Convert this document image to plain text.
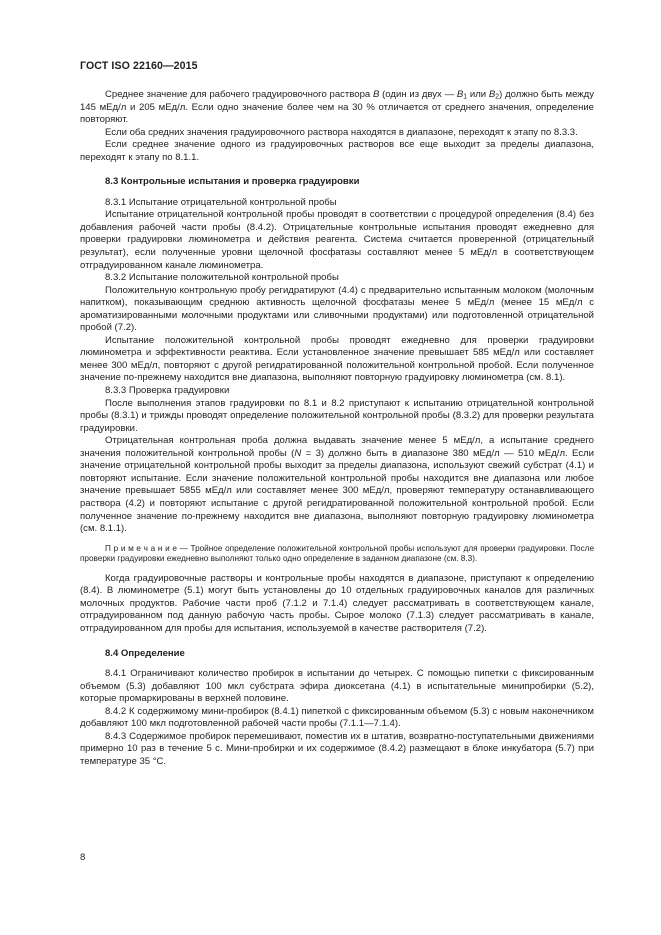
ГОСТ ISO 22160—2015

Среднее значение для рабочего градуировочного раствора B (один из двух — $B_1$ или $B_2$) должно быть между 145 мЕд/л и 205 мЕд/л. Если одно значение более чем на 30 % отличается от среднего значения, определение повторяют.

Если оба средних значения градуировочного раствора находятся в диапазоне, переходят к этапу по 8.3.3.

Если среднее значение одного из градуировочных растворов все еще выходит за пределы диапазона, переходят к этапу по 8.1.1.

8.3 Контрольные испытания и проверка градуировки

8.3.1 Испытание отрицательной контрольной пробы

Испытание отрицательной контрольной пробы проводят в соответствии с процедурой определения (8.4) без добавления рабочей части пробы (8.4.2). Отрицательные контрольные испытания проводят ежедневно для проверки градуировки люминометра и действия реагента. Система считается проверенной (отрицательный результат), если полученные уровни щелочной фосфатазы составляют менее 5 мЕд/л в соответствующем отградуированном канале люминометра.

8.3.2 Испытание положительной контрольной пробы

Положительную контрольную пробу регидратируют (4.4) с предварительно испытанным молоком (молочным напитком), показывающим среднюю активность щелочной фосфатазы менее 5 мЕд/л (менее 15 мЕд/л с ароматизированными молочными продуктами или сливочными продуктами) или подготовленной отрицательной пробой (7.2).

Испытание положительной контрольной пробы проводят ежедневно для проверки градуировки люминометра и эффективности реактива. Если установленное значение превышает 585 мЕд/л или составляет менее 300 мЕд/л, повторяют с другой регидратированной положительной контрольной пробой. Если полученное значение по-прежнему находится вне диапазона, выполняют повторную градуировку люминометра (см. 8.1).

8.3.3 Проверка градуировки

После выполнения этапов градуировки по 8.1 и 8.2 приступают к испытанию отрицательной контрольной пробы (8.3.1) и трижды проводят определение положительной контрольной пробы (8.3.2) для проверки результата градуировки.

Отрицательная контрольная проба должна выдавать значение менее 5 мЕд/л, а испытание среднего значения положительной контрольной пробы (N = 3) должно быть в диапазоне 380 мЕд/л — 510 мЕд/л. Если значение отрицательной контрольной пробы выходит за пределы диапазона, используют свежий субстрат (4.1) и повторяют испытание. Если значение положительной контрольной пробы находится вне диапазона или любое значение превышает 5855 мЕд/л или составляет менее 300 мЕд/л, проверяют температуру останавливающего раствора (4.2) и повторяют испытание с другой регидратированной положительной контрольной пробой. Если полученное значение по-прежнему находится вне диапазона, выполняют повторную градуировку люминометра (см. 8.1.1).

П р и м е ч а н и е — Тройное определение положительной контрольной пробы используют для проверки градуировки. После проверки градуировки ежедневно выполняют только одно определение в заданном диапазоне (см. 8.3).

Когда градуировочные растворы и контрольные пробы находятся в диапазоне, приступают к определению (8.4). В люминометре (5.1) могут быть установлены до 10 отдельных градуировочных каналов для различных молочных продуктов. Рабочие части проб (7.1.2 и 7.1.4) следует рассматривать в соответствующем канале, отградуированном под данную рабочую часть пробы. Сырое молоко (7.1.3) следует рассматривать в канале, отградуированном для пробы для испытания, используемой в качестве растворителя (7.2).

8.4 Определение

8.4.1 Ограничивают количество пробирок в испытании до четырех. С помощью пипетки с фиксированным объемом (5.3) добавляют 100 мкл субстрата эфира диоксетана (4.1) в испытательные минипробирки (5.2), которые промаркированы в верхней половине.

8.4.2 К содержимому мини-пробирок (8.4.1) пипеткой с фиксированным объемом (5.3) с новым наконечником добавляют 100 мкл подготовленной рабочей части пробы (7.1.1—7.1.4).

8.4.3 Содержимое пробирок перемешивают, поместив их в штатив, возвратно-поступательными движениями примерно 10 раз в течение 5 с. Мини-пробирки и их содержимое (8.4.2) размещают в блоке инкубатора (5.7) при температуре 35 °С.

8
